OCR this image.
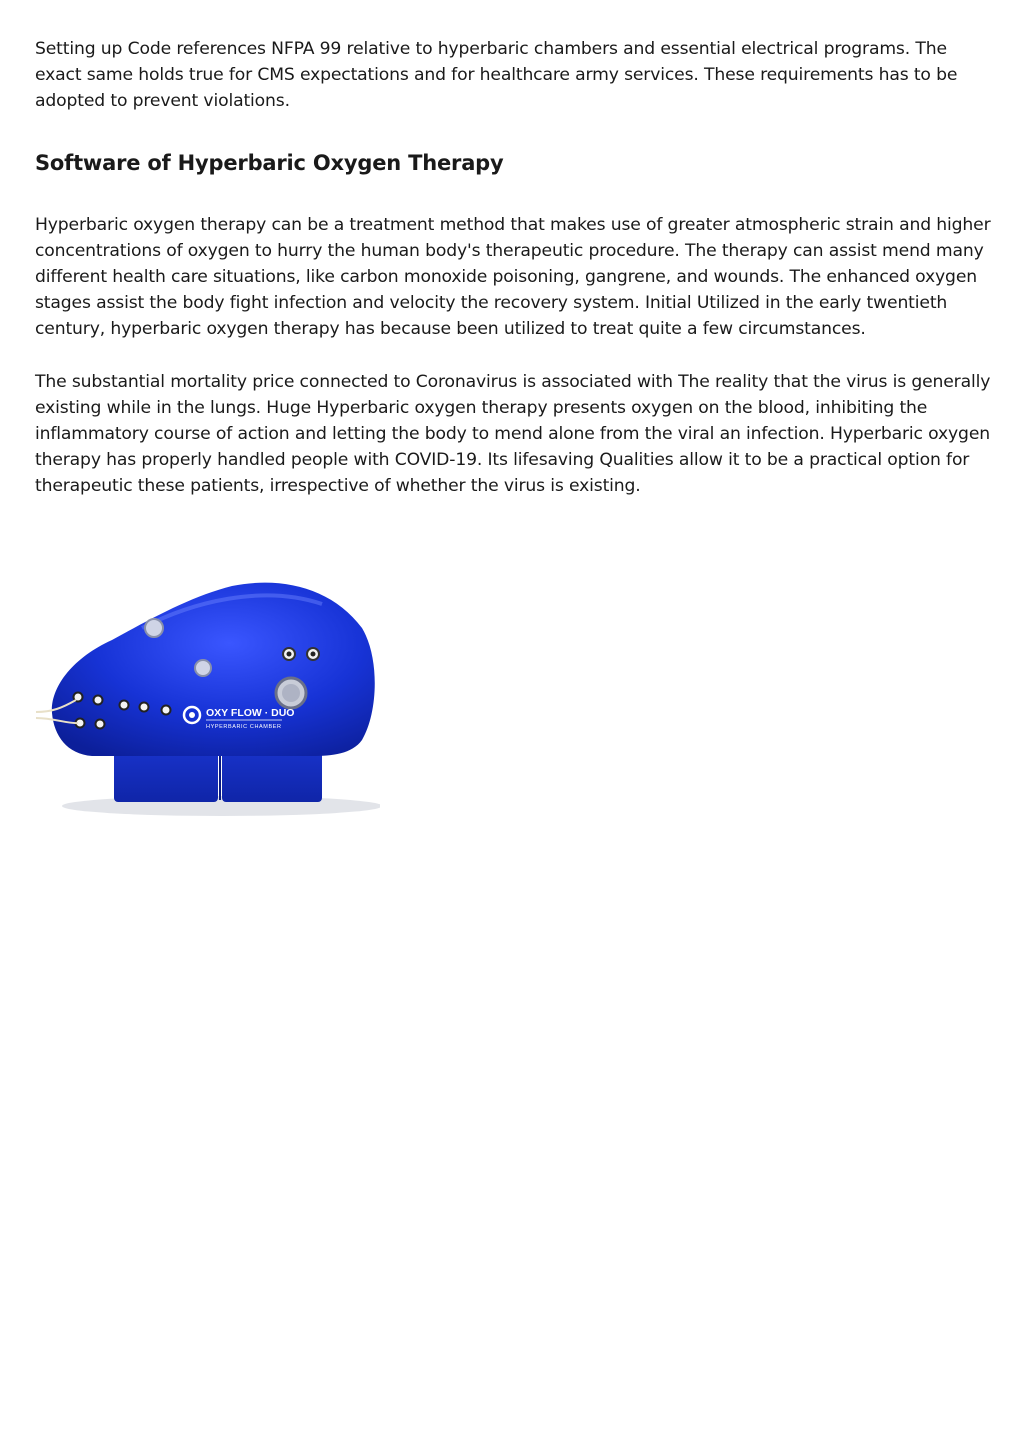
Setting up Code references NFPA 99 relative to hyperbaric chambers and essential electrical programs. The exact same holds true for CMS expectations and for healthcare army services. These requirements has to be adopted to prevent violations.

Software of Hyperbaric Oxygen Therapy

Hyperbaric oxygen therapy can be a treatment method that makes use of greater atmospheric strain and higher concentrations of oxygen to hurry the human body's therapeutic procedure. The therapy can assist mend many different health care situations, like carbon monoxide poisoning, gangrene, and wounds. The enhanced oxygen stages assist the body fight infection and velocity the recovery system. Initial Utilized in the early twentieth century, hyperbaric oxygen therapy has because been utilized to treat quite a few circumstances.

The substantial mortality price connected to Coronavirus is associated with The reality that the virus is generally existing while in the lungs. Huge Hyperbaric oxygen therapy presents oxygen on the blood, inhibiting the inflammatory course of action and letting the body to mend alone from the viral an infection. Hyperbaric oxygen therapy has properly handled people with COVID-19. Its lifesaving Qualities allow it to be a practical option for therapeutic these patients, irrespective of whether the virus is existing.

OXY FLOW · DUO
HYPERBARIC CHAMBER
